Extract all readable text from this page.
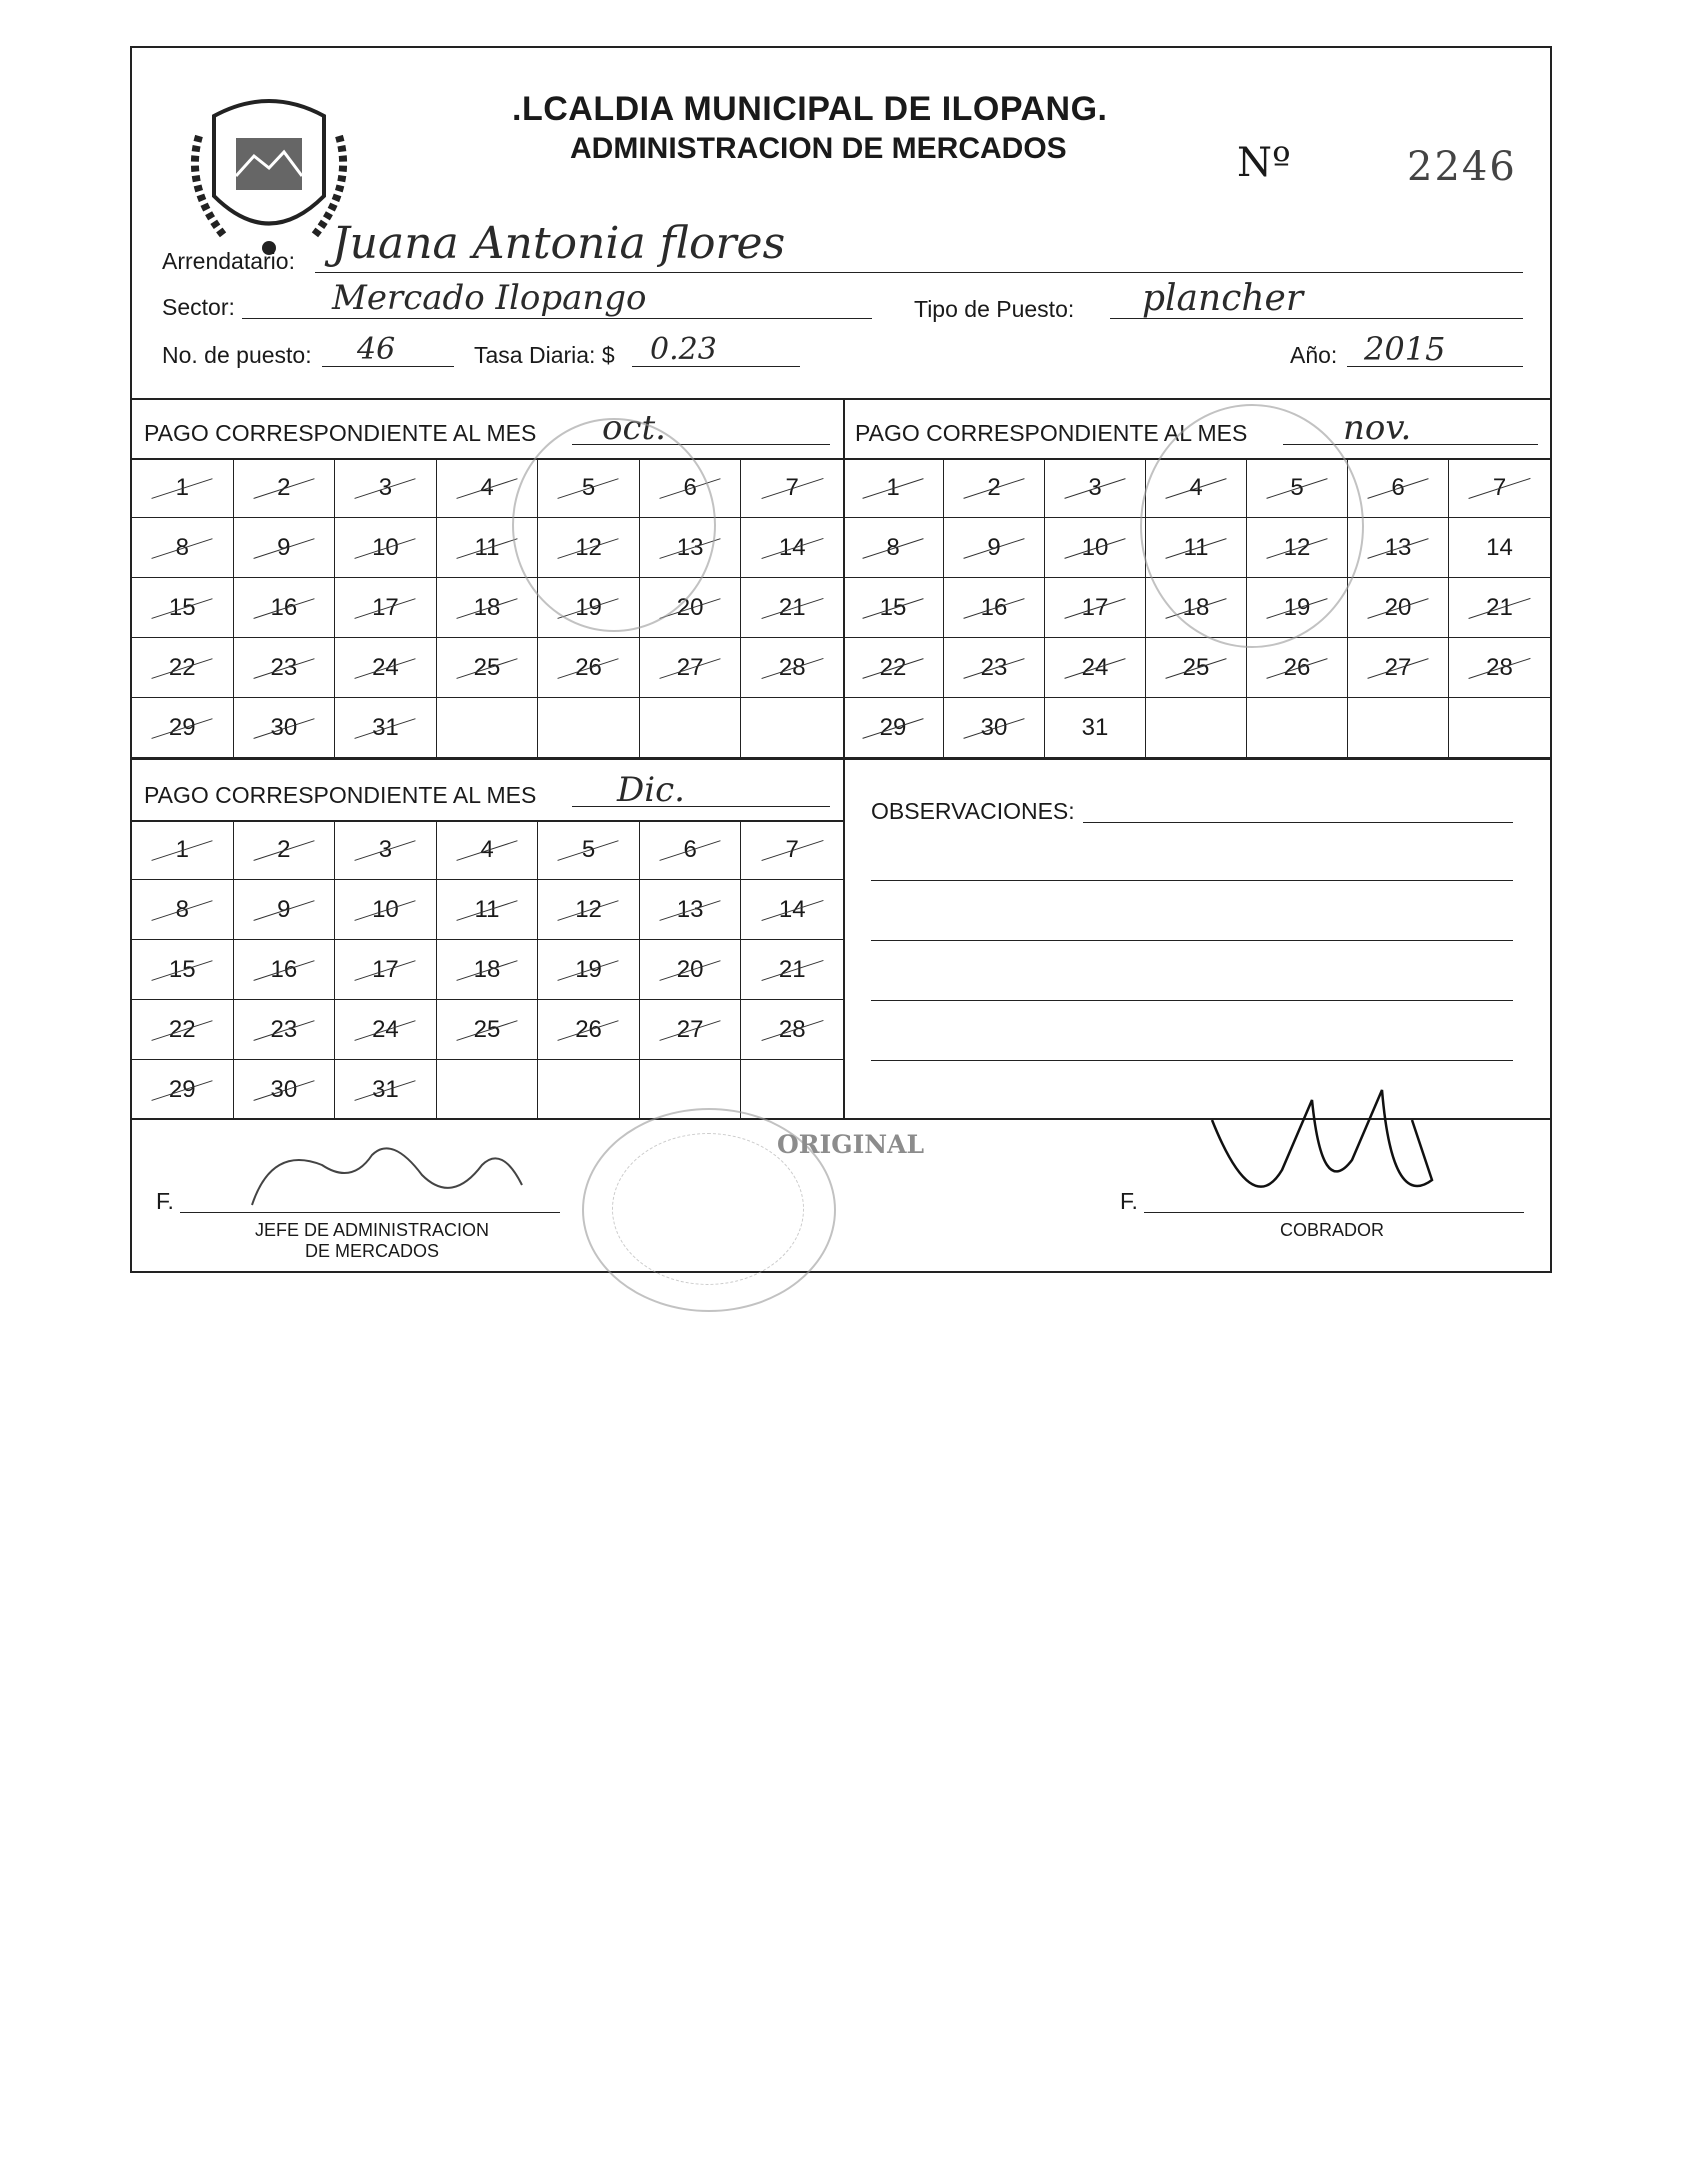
.LCALDIA MUNICIPAL DE ILOPANG.
ADMINISTRACION DE MERCADOS	Nº	2246
Arrendatario: Juana Antonia flores
Sector:	Mercado Ilopango	Tipo de Puesto: plancher
No. de puesto: 46	Tasa Diaria: $ 0.23	Año: 2015
PAGO CORRESPONDIENTE AL MES oct.
1	2	3	4	5	6	7
8	9	10	11	12	13	14
15	16	17	18	19	20	21
22	23	24	25	26	27	28
29	30	31
PAGO CORRESPONDIENTE AL MES	nov.
1	2	3	4	5	6	7
8	9	10	11	12	13	14
15	16	17	18	19	20	21
22	23	24	25	26	27	28
29	30	31
PAGO CORRESPONDIENTE AL MES Dic.
1	2	3	4	5	6	7
8	9	10	11	12	13	14
15	16	17	18	19	20	21
22	23	24	25	26	27	28
29	30	31
OBSERVACIONES:
F.
JEFE DE ADMINISTRACION
DE MERCADOS
F.
COBRADOR
ORIGINAL
